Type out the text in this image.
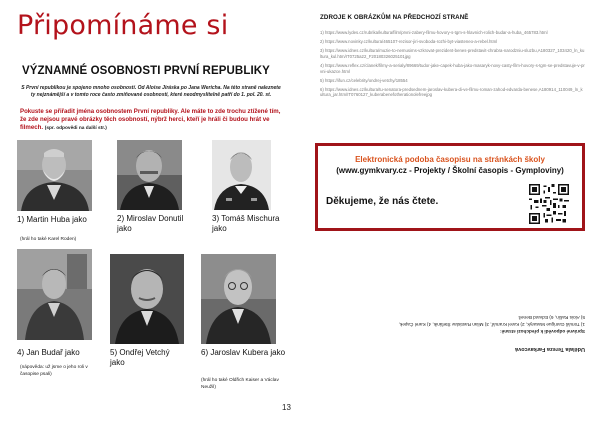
Připomínáme si
VÝZNAMNÉ OSOBNOSTI PRVNÍ REPUBLIKY

S První republikou je spojeno mnoho osobností. Od Aloise Jiráska po Jana Wericha. Na této straně naleznete ty nejznámější a v tomto roce často zmiňované osobnosti, které neodmyslitelně patří do 1. pol. 20. st.

Pokuste se přiřadit jména osobnostem První republiky. Ale máte to zde trochu ztížené tím, že zde nejsou pravé obrázky těch osobností, nýbrž herci, kteří je hráli či budou hrát ve filmech. (spr. odpovědi na další str.)

1) Martin Huba jako	2) Miroslav Donutil jako
3) Tomáš Mischura jako
(hrál ho také Karel Roden)
4) Jan Budař jako
(nápověda: už jsme o jeho roli v časopise psali)
5) Ondřej Vetchý jako
6) Jaroslav Kubera jako
(hrál ho také Oldřich Kaiser a Václav Neužil)
13
ZDROJE K OBRÁZKŮM NA PŘEDCHOZÍ STRANĚ

1) https://www.lydes.cz/rubrika/kultura/film/prvni-zabery-filmu-hovory-s-tgm-s-hlavnich-rolich-budar-a-huba_465783.html

2) https://www.novinky.cz/kultura/465107-rezisor-jiri-svoboda-rozhi-byt-viasteneo-a-rebel.html

3) https://www.idnes.cz/kultura/muzie-to-nemusims-vzkrovat-prezident-benes-predstavit-chrabra-narodzniu-sluzbu,A180327_103420_ln_kultura_kul.htm/IT0725a22_F20180326025101jpg

4) https://www.reflex.cz/clanek/filmy-a-serialy/89669/tudor-jake-capek-huba-jako-masaryk-novy-casty-film-hovory-s-tgm-se-predstavuje-v-prvni-ukazce.html

5) https://ifun.cz/celebrity/ondrej-vetchy/18554

6) https://www.idnes.cz/kultura/tu-senatora-predsednem-jaroslav-kubera-di-ve-filmu-roman-zahod-edvarda-benese,A180914_110049_ln_kultura_jar.htm/IT0760127_kuberabenefotherationolefreejpg

Elektronická podoba časopisu na stránkách školy
(www.gymkvary.cz - Projekty / Školní časopis - Gymploviny)
Děkujeme, že nás čtete.
Udělala Tereza Farkavcová
Správné odpovědi k předchozí straně:
1) Tomáš Garrigue Masaryk, 2) Karel Kramář, 3) Milan Rastislav Štefánik, 4) Karel Čapek,
5) Alois Rašín, 6) Edvard Beneš
